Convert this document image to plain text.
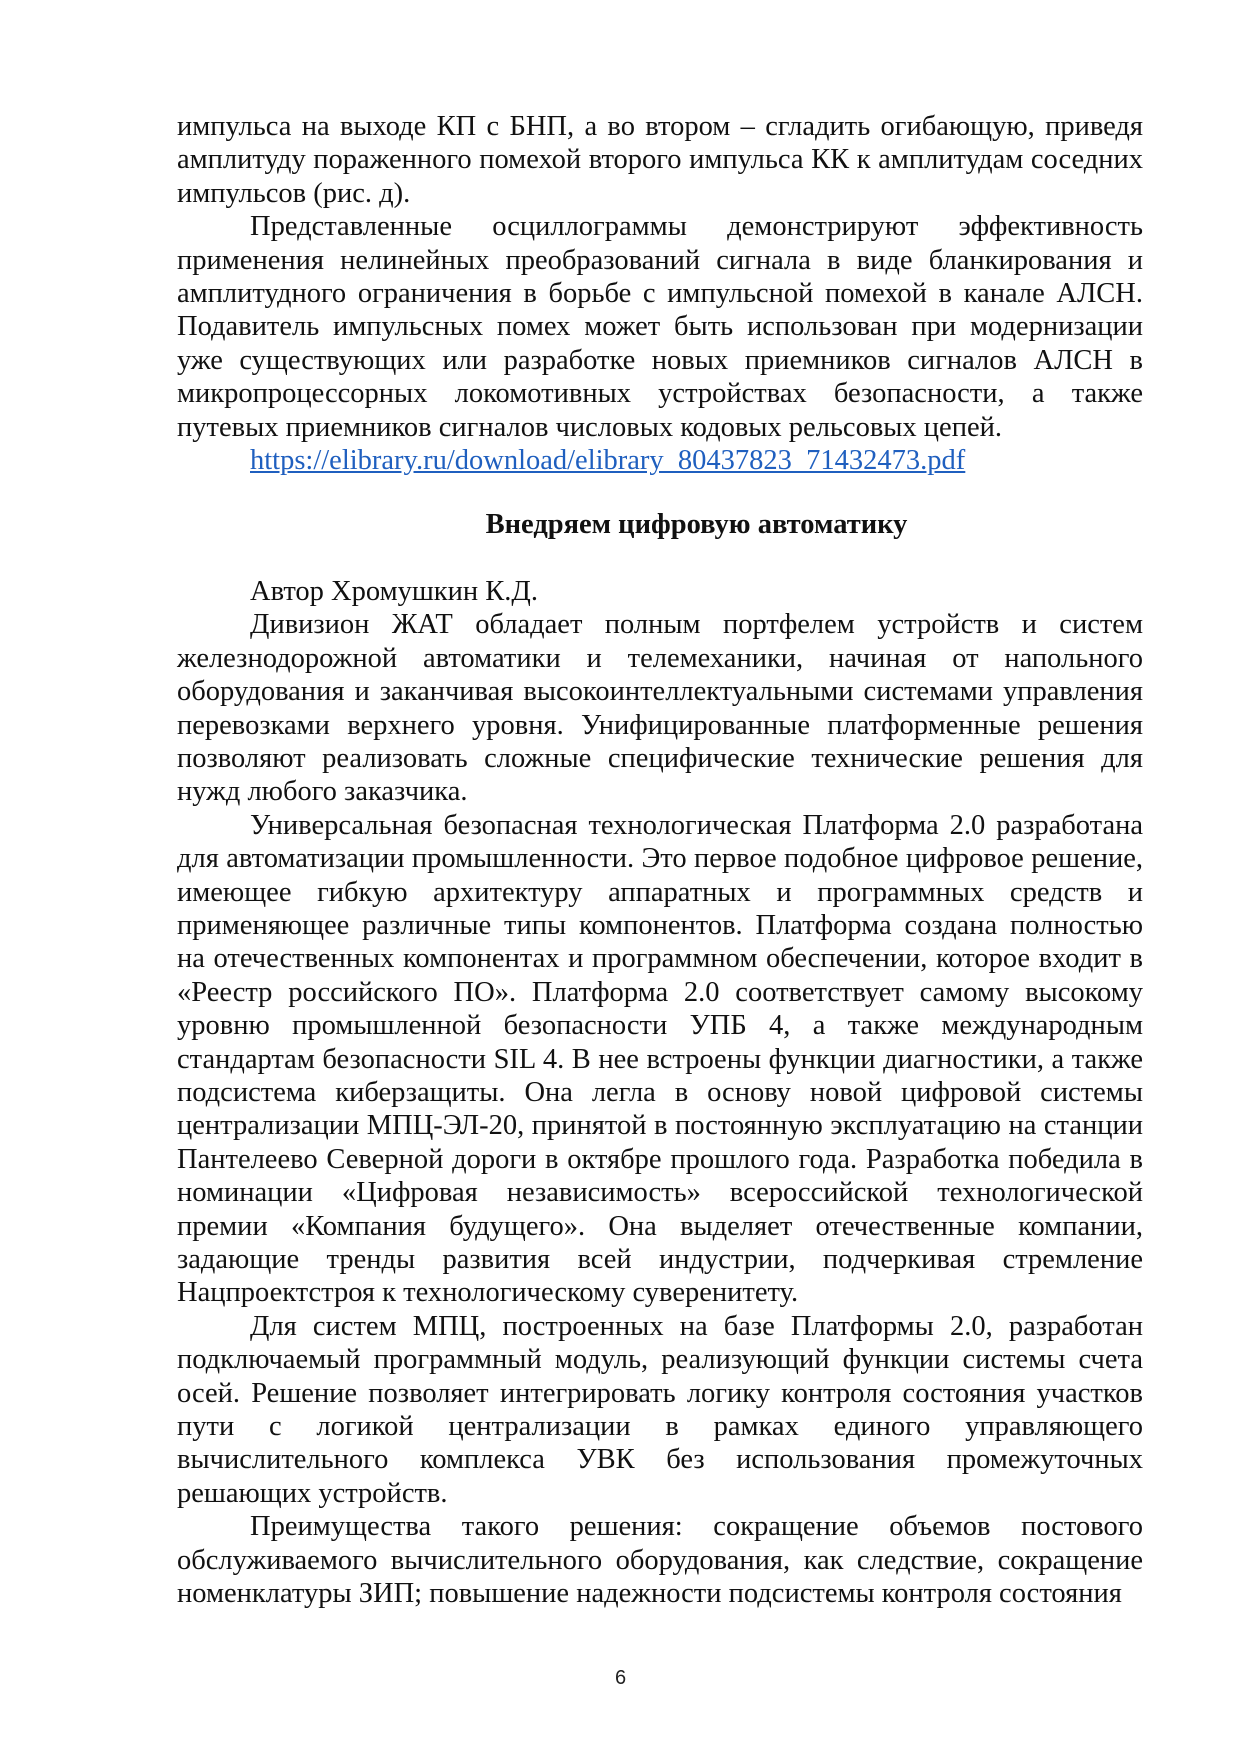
импульса на выходе КП с БНП, а во втором – сгладить огибающую, приведя амплитуду пораженного помехой второго импульса КК к амплитудам соседних импульсов (рис. д).

Представленные осциллограммы демонстрируют эффективность применения нелинейных преобразований сигнала в виде бланкирования и амплитудного ограничения в борьбе с импульсной помехой в канале АЛСН. Подавитель импульсных помех может быть использован при модернизации уже существующих или разработке новых приемников сигналов АЛСН в микропроцессорных локомотивных устройствах безопасности, а также путевых приемников сигналов числовых кодовых рельсовых цепей.

https://elibrary.ru/download/elibrary_80437823_71432473.pdf

Внедряем цифровую автоматику

Автор Хромушкин К.Д.

Дивизион ЖАТ обладает полным портфелем устройств и систем железнодорожной автоматики и телемеханики, начиная от напольного оборудования и заканчивая высокоинтеллектуальными системами управления перевозками верхнего уровня. Унифицированные платформенные решения позволяют реализовать сложные специфические технические решения для нужд любого заказчика.

Универсальная безопасная технологическая Платформа 2.0 разработана для автоматизации промышленности. Это первое подобное цифровое решение, имеющее гибкую архитектуру аппаратных и программных средств и применяющее различные типы компонентов. Платформа создана полностью на отечественных компонентах и программном обеспечении, которое входит в «Реестр российского ПО». Платформа 2.0 соответствует самому высокому уровню промышленной безопасности УПБ 4, а также международным стандартам безопасности SIL 4. В нее встроены функции диагностики, а также подсистема киберзащиты. Она легла в основу новой цифровой системы централизации МПЦ-ЭЛ-20, принятой в постоянную эксплуатацию на станции Пантелеево Северной дороги в октябре прошлого года. Разработка победила в номинации «Цифровая независимость» всероссийской технологической премии «Компания будущего». Она выделяет отечественные компании, задающие тренды развития всей индустрии, подчеркивая стремление Нацпроектстроя к технологическому суверенитету.

Для систем МПЦ, построенных на базе Платформы 2.0, разработан подключаемый программный модуль, реализующий функции системы счета осей. Решение позволяет интегрировать логику контроля состояния участков пути с логикой централизации в рамках единого управляющего вычислительного комплекса УВК без использования промежуточных решающих устройств.

Преимущества такого решения: сокращение объемов постового обслуживаемого вычислительного оборудования, как следствие, сокращение номенклатуры ЗИП; повышение надежности подсистемы контроля состояния

6
